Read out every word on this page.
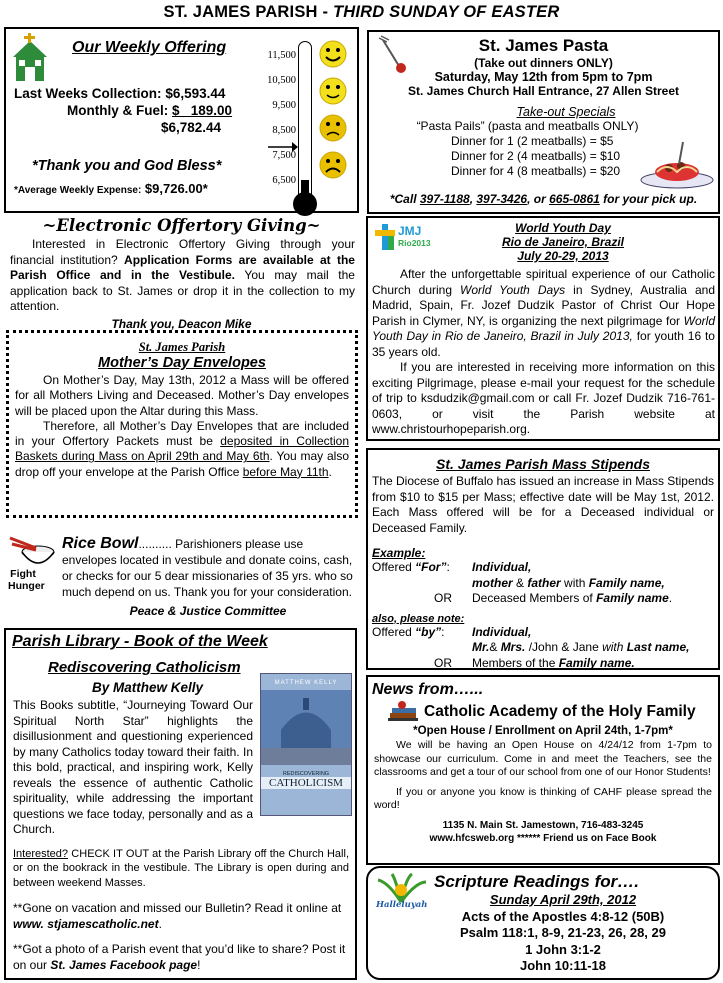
ST. JAMES PARISH - THIRD SUNDAY OF EASTER
Our Weekly Offering
Last Weeks Collection: $6,593.44
Monthly & Fuel: $   189.00
$6,782.44
*Thank you and God Bless*
*Average Weekly Expense: $9,726.00*
11,500
10,500
9,500
8,500
7,500
6,500
St. James Pasta
(Take out dinners ONLY)
Saturday, May 12th from 5pm to 7pm
St. James Church Hall Entrance, 27 Allen Street
Take-out Specials
“Pasta Pails” (pasta and meatballs ONLY)
Dinner for 1 (2 meatballs) = $5
Dinner for 2 (4 meatballs) = $10
Dinner for 4 (8 meatballs) = $20
*Call 397-1188, 397-3426, or 665-0861 for your pick up.
~Electronic Offertory Giving~

Interested in Electronic Offertory Giving through your financial institution? Application Forms are available at the Parish Office and in the Vestibule. You may mail the application back to St. James or drop it in the collection to my attention.

Thank you, Deacon Mike
St. James Parish
Mother’s Day Envelopes

On Mother’s Day, May 13th, 2012 a Mass will be offered for all Mothers Living and Deceased. Mother’s Day envelopes will be placed upon the Altar during this Mass.

Therefore, all Mother’s Day Envelopes that are included in your Offertory Packets must be deposited in Collection Baskets during Mass on April 29th and May 6th. You may also drop off your envelope at the Parish Office before May 11th.

Fight
Hunger
Rice Bowl.......... Parishioners please use envelopes located in vestibule and donate coins, cash, or checks for our 5 dear missionaries of 35 yrs. who so much depend on us. Thank you for your consideration.
Peace & Justice Committee
Parish Library - Book of the Week
Rediscovering Catholicism
By Matthew Kelly	MATTHEW KELLY
REDISCOVERING
CATHOLICISM

This Books subtitle, “Journeying Toward Our Spiritual North Star” highlights the disillusionment and questioning experienced by many Catholics today toward their faith. In this bold, practical, and inspiring work, Kelly reveals the essence of authentic Catholic spirituality, while addressing the important questions we face today, personally and as a Church.

Interested? CHECK IT OUT at the Parish Library off the Church Hall, or on the bookrack in the vestibule. The Library is open during and between weekend Masses.

**Gone on vacation and missed our Bulletin? Read it online at www. stjamescatholic.net.

**Got a photo of a Parish event that you’d like to share? Post it on our St. James Facebook page!

JMJ
Rio2013
World Youth Day
Rio de Janeiro, Brazil
July 20-29, 2013

After the unforgettable spiritual experience of our Catholic Church during World Youth Days in Sydney, Australia and Madrid, Spain, Fr. Jozef Dudzik Pastor of Christ Our Hope Parish in Clymer, NY, is organizing the next pilgrimage for World Youth Day in Rio de Janeiro, Brazil in July 2013, for youth 16 to 35 years old.

If you are interested in receiving more information on this exciting Pilgrimage, please e-mail your request for the schedule of trip to ksdudzik@gmail.com or call Fr. Jozef Dudzik 716-761-0603, or visit the Parish website at www.christourhopeparish.org.

St. James Parish Mass Stipends

The Diocese of Buffalo has issued an increase in Mass Stipends from $10 to $15 per Mass; effective date will be May 1st, 2012. Each Mass offered will be for a Deceased individual or Deceased Family.

Example:
Offered “For”: Individual,
mother & father with Family name,
OR Deceased Members of Family name.
also, please note:
Offered “by”: Individual,
Mr.& Mrs. /John & Jane with Last name,
OR Members of the Family name.
News from…...
Catholic Academy of the Holy Family
*Open House / Enrollment on April 24th, 1-7pm*

We will be having an Open House on 4/24/12 from 1-7pm to showcase our curriculum. Come in and meet the Teachers, see the classrooms and get a tour of our school from one of our Honor Students!

If you or anyone you know is thinking of CAHF please spread the word!

1135 N. Main St. Jamestown, 716-483-3245
www.hfcsweb.org ****** Friend us on Face Book
Halleluyah
Scripture Readings for….
Sunday April 29th, 2012
Acts of the Apostles 4:8-12 (50B)
Psalm 118:1, 8-9, 21-23, 26, 28, 29
1 John 3:1-2
John 10:11-18
